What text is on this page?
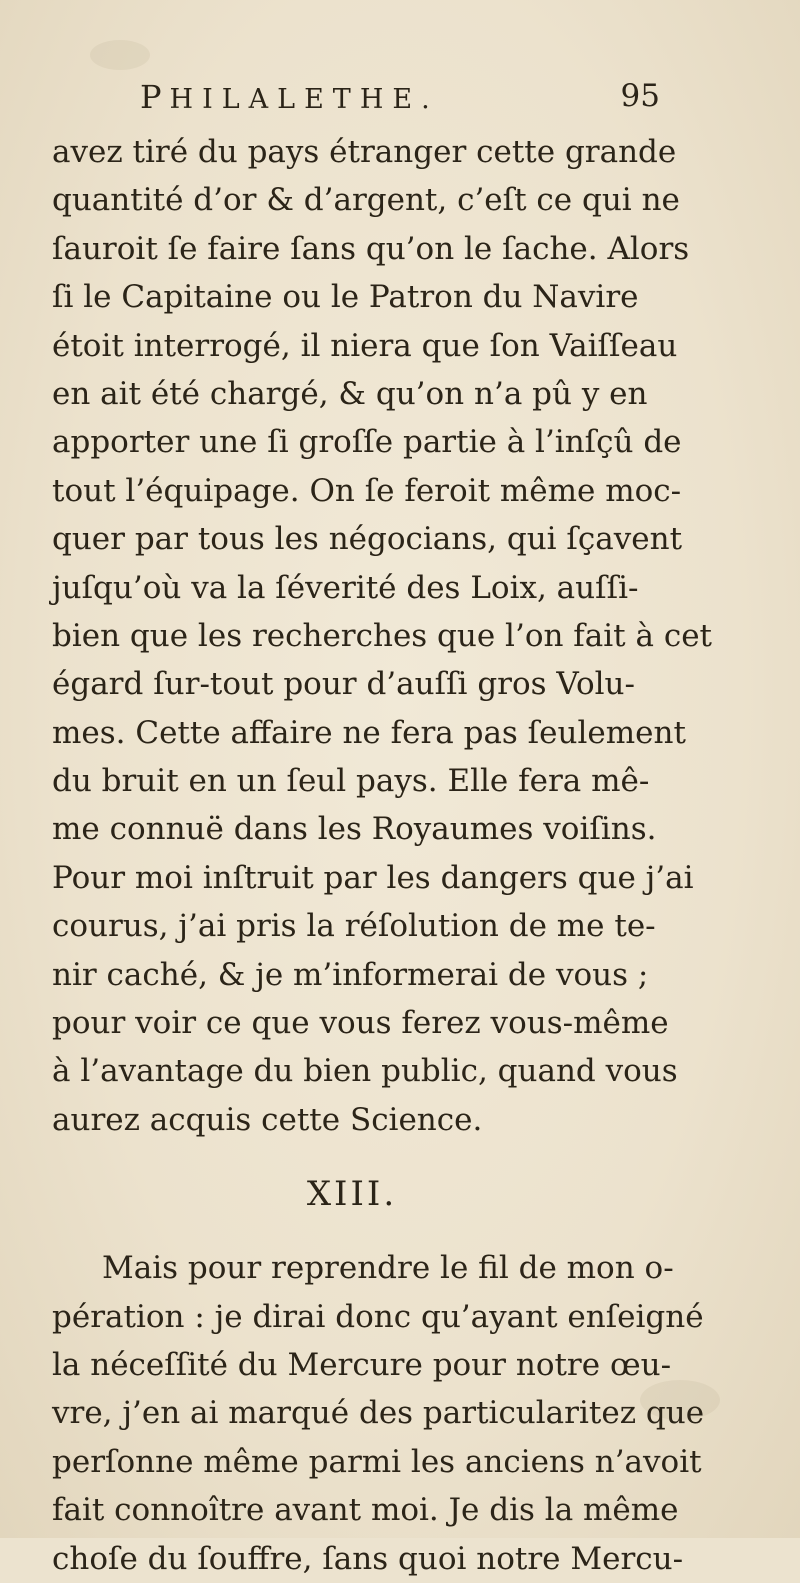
PHILALETHE.	95
avez tiré du pays étranger cette grande
quantité d’or & d’argent, c’eſt ce qui ne
ſauroit ſe faire ſans qu’on le ſache. Alors
ſi le Capitaine ou le Patron du Navire
étoit interrogé, il niera que ſon Vaiſſeau
en ait été chargé, & qu’on n’a pû y en
apporter une ſi groſſe partie à l’inſçû de
tout l’équipage. On ſe feroit même moc-
quer par tous les négocians, qui ſçavent
juſqu’où va la ſéverité des Loix, auſſi-
bien que les recherches que l’on fait à cet
égard ſur-tout pour d’auſſi gros Volu-
mes. Cette affaire ne fera pas ſeulement
du bruit en un ſeul pays. Elle fera mê-
me connuë dans les Royaumes voiſins.
Pour moi inſtruit par les dangers que j’ai
courus, j’ai pris la réſolution de me te-
nir caché, & je m’informerai de vous ;
pour voir ce que vous ferez vous-même
à l’avantage du bien public, quand vous
aurez acquis cette Science.
XIII.
Mais pour reprendre le fil de mon o-
pération : je dirai donc qu’ayant enſeigné
la néceſſité du Mercure pour notre œu-
vre, j’en ai marqué des particularitez que
perſonne même parmi les anciens n’avoit
fait connoître avant moi. Je dis la même
choſe du ſouffre, ſans quoi notre Mercu-
